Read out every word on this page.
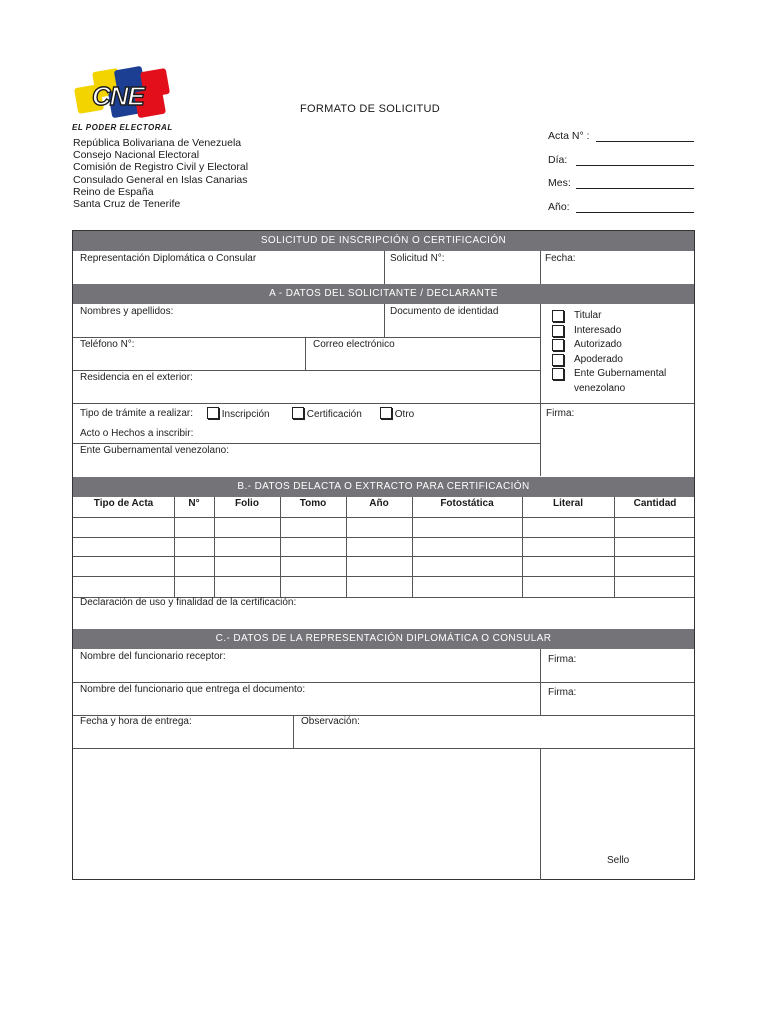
CNE
EL PODER ELECTORAL
República Bolivariana de Venezuela
Consejo Nacional Electoral
Comisión de Registro Civil y Electoral
Consulado General en Islas Canarias
Reino de España
Santa Cruz de Tenerife
FORMATO DE SOLICITUD
Acta N° :
Día:
Mes:
Año:
SOLICITUD DE INSCRIPCIÓN O CERTIFICACIÓN
Representación Diplomática o Consular	Solicitud N°:	Fecha:
A - DATOS DEL SOLICITANTE / DECLARANTE
Nombres y apellidos:	Documento de identidad
Teléfono N°:	Correo electrónico
Residencia en el exterior:
Titular
Interesado
Autorizado
Apoderado
Ente Gubernamental venezolano
Tipo de trámite a realizar:	Inscripción	Certificación	Otro
Acto o Hechos a inscribir:
Ente Gubernamental venezolano:
Firma:
B.- DATOS DELACTA O EXTRACTO PARA CERTIFICACIÓN
Tipo de Acta	N°	Folio	Tomo	Año	Fotostática	Literal	Cantidad
Declaración de uso y finalidad de la certificación:
C.- DATOS DE LA REPRESENTACIÓN DIPLOMÁTICA O CONSULAR
Nombre del funcionario receptor:	Firma:
Nombre del funcionario que entrega el documento:	Firma:
Fecha y hora de entrega:	Observación:
Sello
